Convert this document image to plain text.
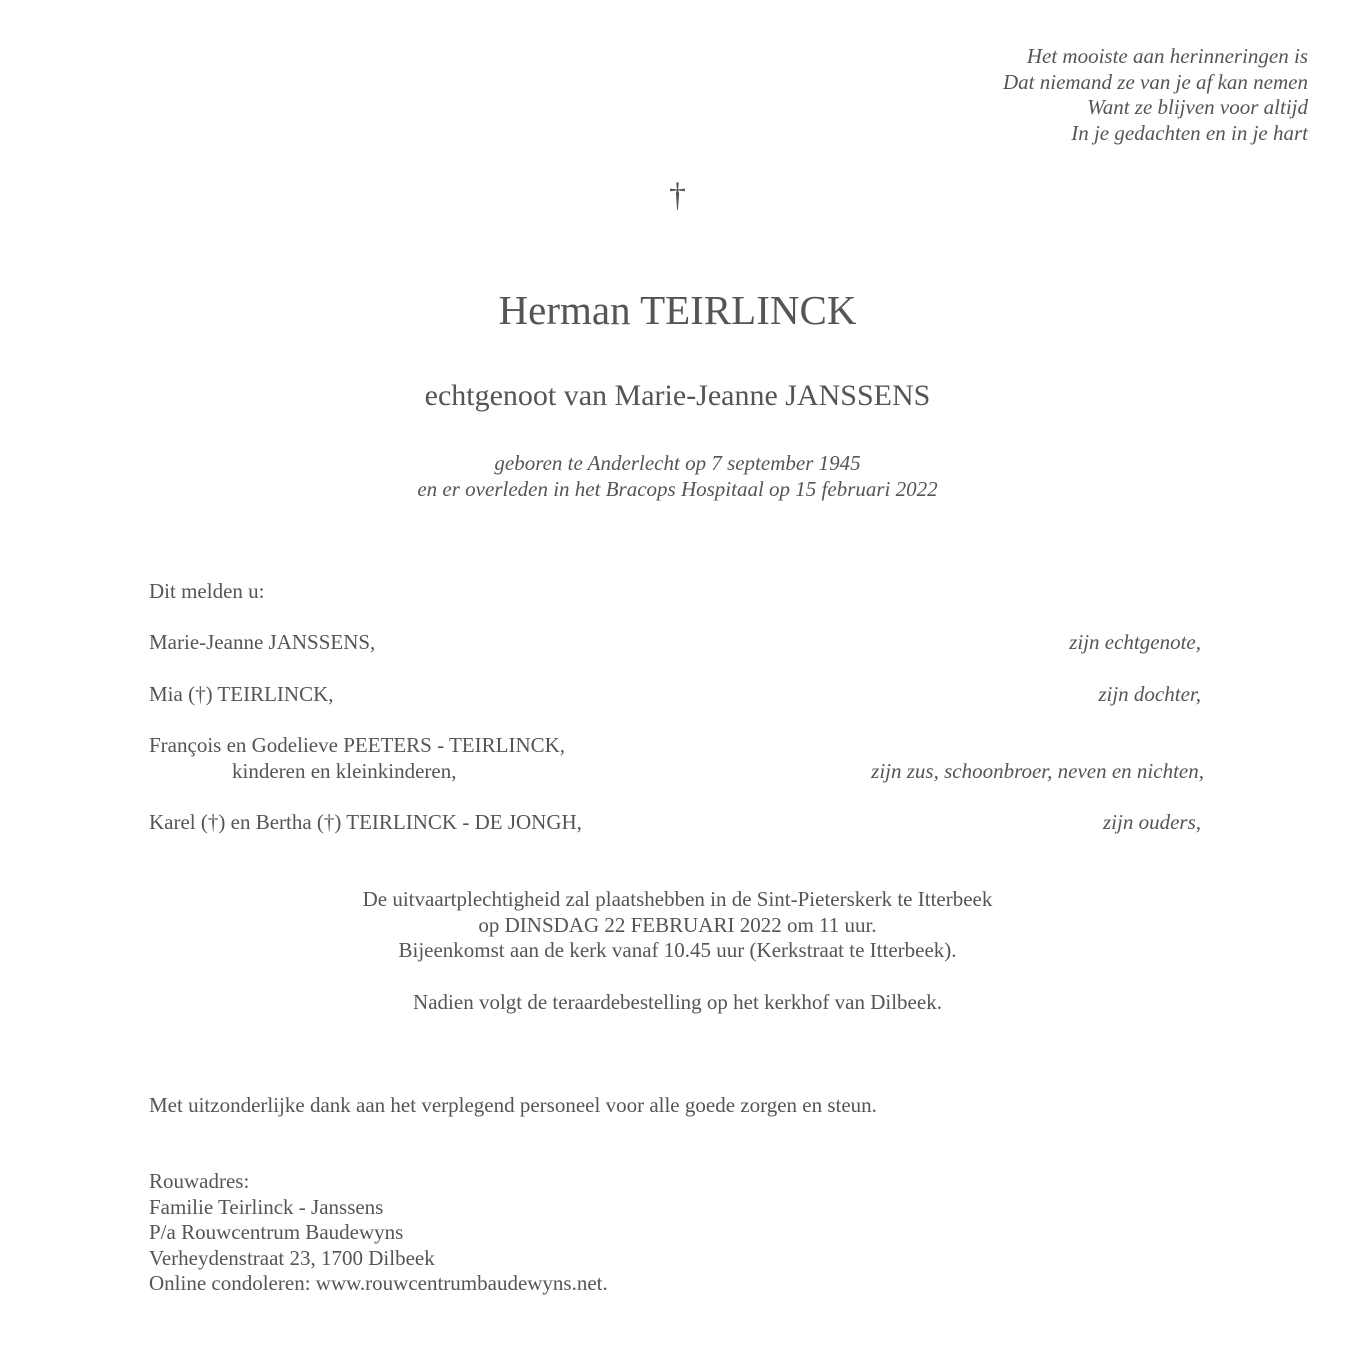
Het mooiste aan herinneringen is
Dat niemand ze van je af kan nemen
Want ze blijven voor altijd
In je gedachten en in je hart
†
Herman TEIRLINCK
echtgenoot van Marie-Jeanne JANSSENS
geboren te Anderlecht op 7 september 1945
en er overleden in het Bracops Hospitaal op 15 februari 2022
Dit melden u:
Marie-Jeanne JANSSENS,	zijn echtgenote,
Mia (†) TEIRLINCK,	zijn dochter,
François en Godelieve PEETERS - TEIRLINCK,
kinderen en kleinkinderen,	zijn zus, schoonbroer, neven en nichten,
Karel (†) en Bertha (†) TEIRLINCK - DE JONGH,	zijn ouders,
De uitvaartplechtigheid zal plaatshebben in de Sint-Pieterskerk te Itterbeek
op DINSDAG 22 FEBRUARI 2022 om 11 uur.
Bijeenkomst aan de kerk vanaf 10.45 uur (Kerkstraat te Itterbeek).
Nadien volgt de teraardebestelling op het kerkhof van Dilbeek.
Met uitzonderlijke dank aan het verplegend personeel voor alle goede zorgen en steun.
Rouwadres:
Familie Teirlinck - Janssens
P/a Rouwcentrum Baudewyns
Verheydenstraat 23, 1700 Dilbeek
Online condoleren: www.rouwcentrumbaudewyns.net.
